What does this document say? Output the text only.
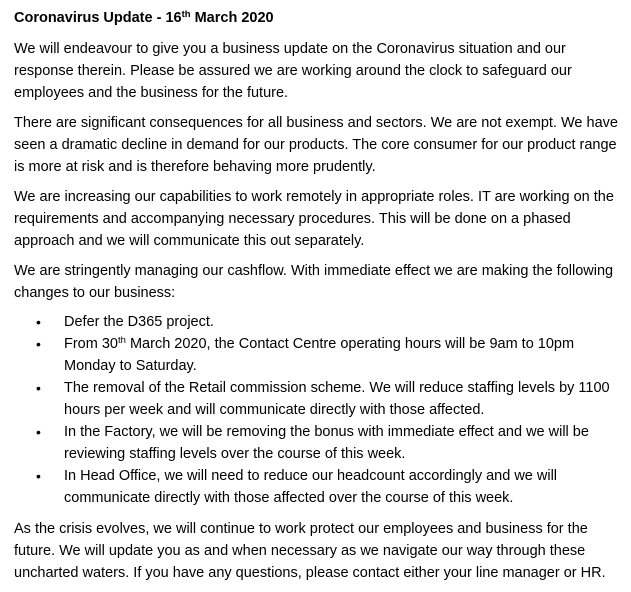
Coronavirus Update - 16th March 2020

We will endeavour to give you a business update on the Coronavirus situation and our response therein. Please be assured we are working around the clock to safeguard our employees and the business for the future.

There are significant consequences for all business and sectors. We are not exempt. We have seen a dramatic decline in demand for our products. The core consumer for our product range is more at risk and is therefore behaving more prudently.

We are increasing our capabilities to work remotely in appropriate roles. IT are working on the requirements and accompanying necessary procedures. This will be done on a phased approach and we will communicate this out separately.

We are stringently managing our cashflow. With immediate effect we are making the following changes to our business:

•	Defer the D365 project.
•	From 30th March 2020, the Contact Centre operating hours will be 9am to 10pm Monday to Saturday.
•	The removal of the Retail commission scheme. We will reduce staffing levels by 1100 hours per week and will communicate directly with those affected.
•	In the Factory, we will be removing the bonus with immediate effect and we will be reviewing staffing levels over the course of this week.
•	In Head Office, we will need to reduce our headcount accordingly and we will communicate directly with those affected over the course of this week.

As the crisis evolves, we will continue to work protect our employees and business for the future. We will update you as and when necessary as we navigate our way through these uncharted waters. If you have any questions, please contact either your line manager or HR.
